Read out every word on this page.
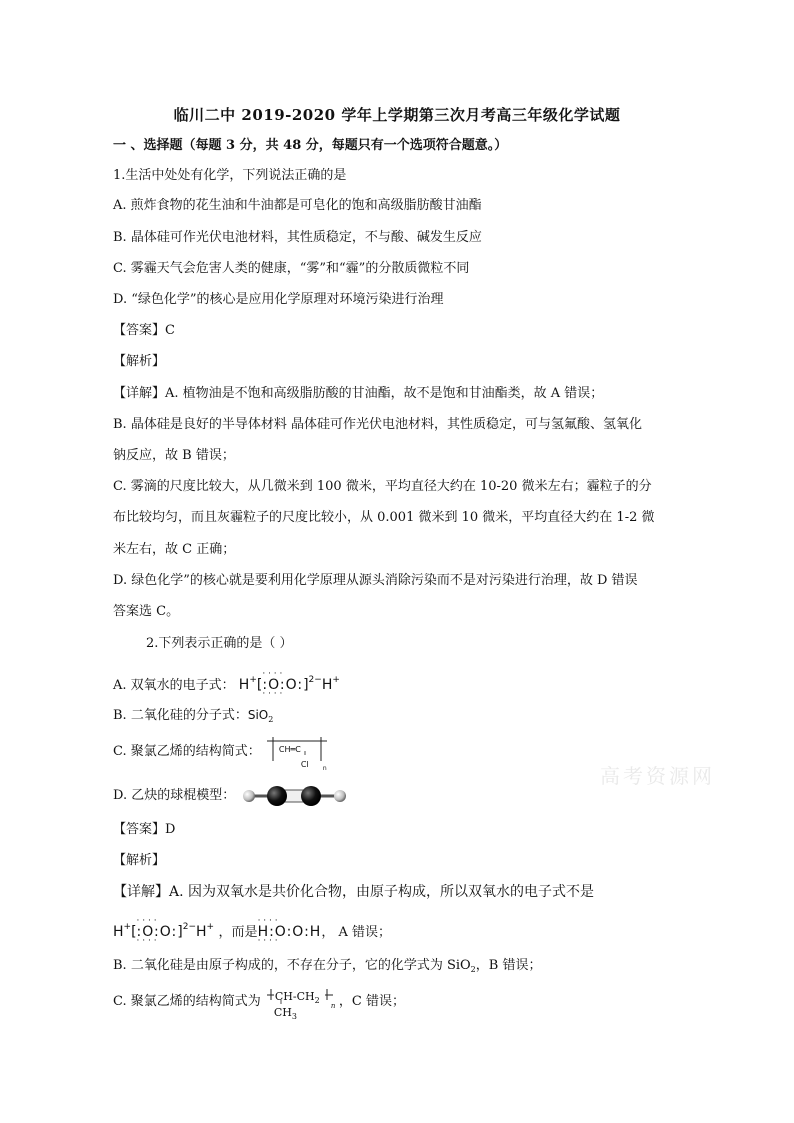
临川二中 2019-2020 学年上学期第三次月考高三年级化学试题
一 、选择题（每题 3 分，共 48 分，每题只有一个选项符合题意。）
1.生活中处处有化学，下列说法正确的是
A. 煎炸食物的花生油和牛油都是可皂化的饱和高级脂肪酸甘油酯
B. 晶体硅可作光伏电池材料，其性质稳定，不与酸、碱发生反应
C. 雾霾天气会危害人类的健康，“雾”和“霾”的分散质微粒不同
D. “绿色化学”的核心是应用化学原理对环境污染进行治理
【答案】C
【解析】
【详解】A. 植物油是不饱和高级脂肪酸的甘油酯，故不是饱和甘油酯类，故 A 错误；
B. 晶体硅是良好的半导体材料 晶体硅可作光伏电池材料，其性质稳定，可与氢氟酸、氢氧化
钠反应，故 B 错误；
C. 雾滴的尺度比较大，从几微米到 100 微米，平均直径大约在 10-20 微米左右；霾粒子的分
布比较均匀，而且灰霾粒子的尺度比较小，从 0.001 微米到 10 微米，平均直径大约在 1-2 微
米左右，故 C 正确；
D. 绿色化学”的核心就是要利用化学原理从源头消除污染而不是对污染进行治理，故 D 错误
答案选 C。
2.下列表示正确的是（ ）
A. 双氧水的电子式： H+[· · · · :O:O: · · · ·]$^{2-}$H+
B. 二氧化硅的分子式：SiO$_2$
C. 聚氯乙烯的结构简式： CH═C
Cl n
D. 乙炔的球棍模型：
【答案】D
【解析】
【详解】A. 因为双氧水是共价化合物，由原子构成，所以双氧水的电子式不是
H+[· · · · :O:O: · · · ·]$^{2-}$H+ ，而是· · · · H:O:O:H · · · ·， A 错误；
B. 二氧化硅是由原子构成的，不存在分子，它的化学式为 SiO$_2$，B 错误；
C. 聚氯乙烯的结构简式为 $CH-CH_2$
$CH_3$
n ，C 错误；
高考资源网
